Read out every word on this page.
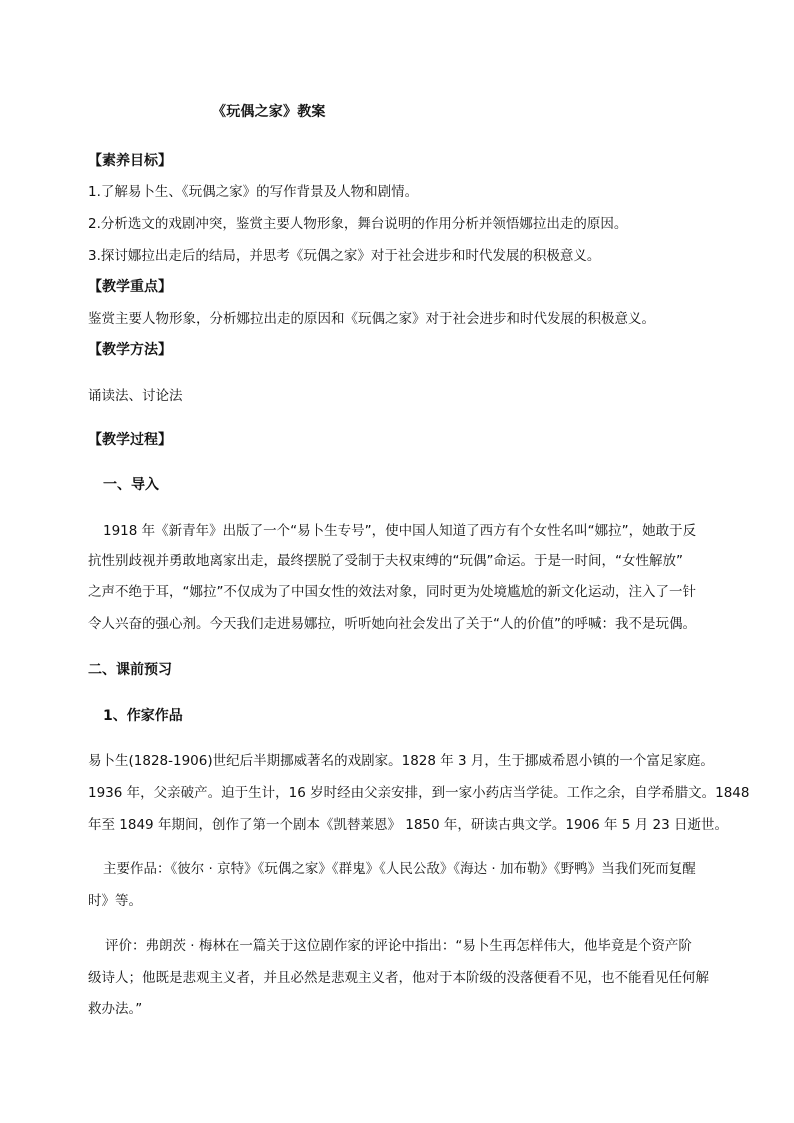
《玩偶之家》教案
【素养目标】
1.了解易卜生、《玩偶之家》的写作背景及人物和剧情。
2.分析选文的戏剧冲突，鉴赏主要人物形象，舞台说明的作用分析并领悟娜拉出走的原因。
3.探讨娜拉出走后的结局，并思考《玩偶之家》对于社会进步和时代发展的积极意义。
【教学重点】
鉴赏主要人物形象，分析娜拉出走的原因和《玩偶之家》对于社会进步和时代发展的积极意义。
【教学方法】
诵读法、讨论法
【教学过程】
一、导入
1918 年《新青年》出版了一个“易卜生专号”，使中国人知道了西方有个女性名叫“娜拉”，她敢于反
抗性别歧视并勇敢地离家出走，最终摆脱了受制于夫权束缚的“玩偶”命运。于是一时间，“女性解放”
之声不绝于耳，“娜拉”不仅成为了中国女性的效法对象，同时更为处境尴尬的新文化运动，注入了一针
令人兴奋的强心剂。今天我们走进易娜拉，听听她向社会发出了关于“人的价值”的呼喊：我不是玩偶。
二、课前预习
1、作家作品
易卜生(1828-1906)世纪后半期挪威著名的戏剧家。1828 年 3 月，生于挪威希恩小镇的一个富足家庭。
1936 年，父亲破产。迫于生计，16 岁时经由父亲安排，到一家小药店当学徒。工作之余，自学希腊文。1848
年至 1849 年期间，创作了第一个剧本《凯替莱恩》 1850 年，研读古典文学。1906 年 5 月 23 日逝世。
主要作品：《彼尔 · 京特》《玩偶之家》《群鬼》《人民公敌》《海达 · 加布勒》《野鸭》当我们死而复醒
时》等。
评价：弗朗茨 · 梅林在一篇关于这位剧作家的评论中指出：“易卜生再怎样伟大，他毕竟是个资产阶
级诗人；他既是悲观主义者，并且必然是悲观主义者，他对于本阶级的没落便看不见，也不能看见任何解
救办法。”
